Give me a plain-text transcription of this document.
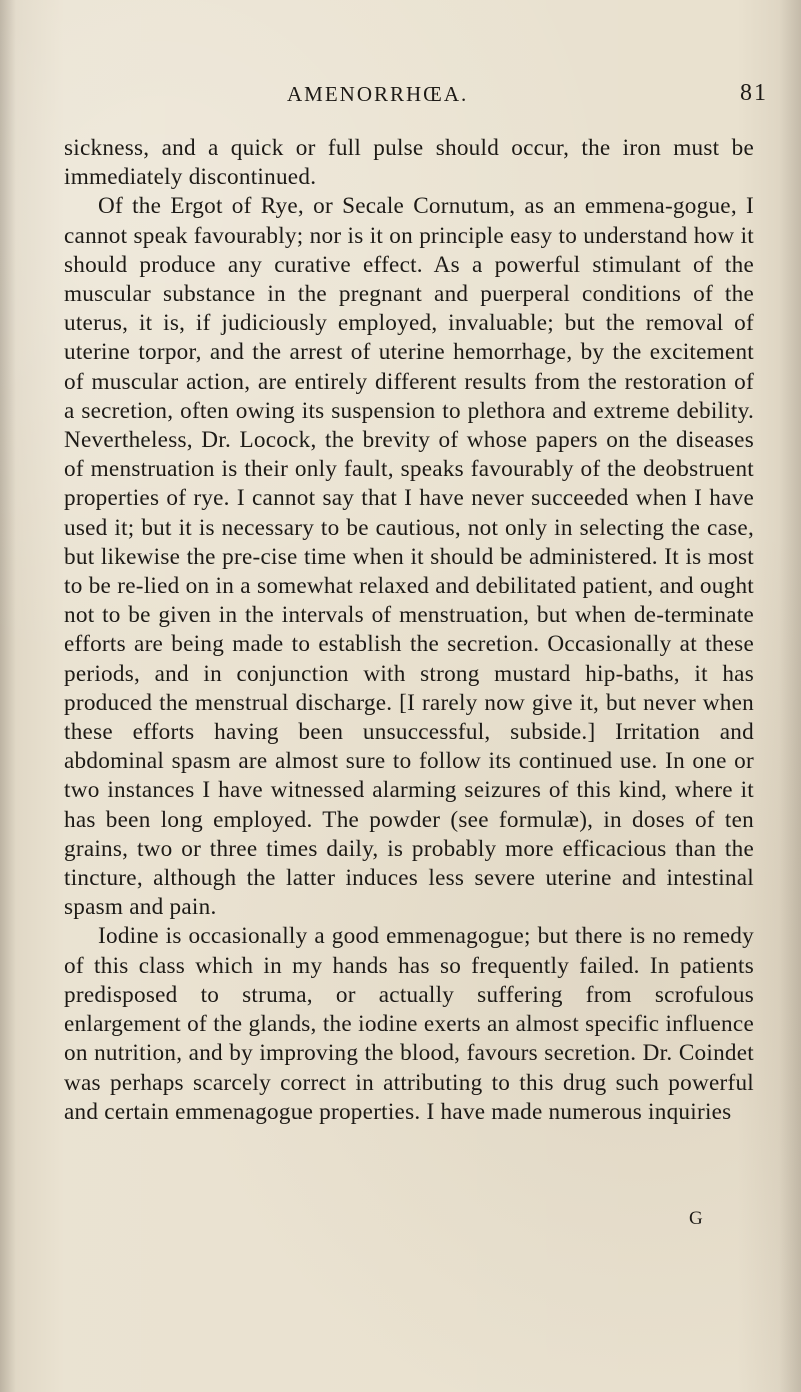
AMENORRHŒA.	81

sickness, and a quick or full pulse should occur, the iron must be immediately discontinued.

Of the Ergot of Rye, or Secale Cornutum, as an emmena-gogue, I cannot speak favourably; nor is it on principle easy to understand how it should produce any curative effect. As a powerful stimulant of the muscular substance in the pregnant and puerperal conditions of the uterus, it is, if judiciously employed, invaluable; but the removal of uterine torpor, and the arrest of uterine hemorrhage, by the excitement of muscular action, are entirely different results from the restoration of a secretion, often owing its suspension to plethora and extreme debility. Nevertheless, Dr. Locock, the brevity of whose papers on the diseases of menstruation is their only fault, speaks favourably of the deobstruent properties of rye. I cannot say that I have never succeeded when I have used it; but it is necessary to be cautious, not only in selecting the case, but likewise the pre-cise time when it should be administered. It is most to be re-lied on in a somewhat relaxed and debilitated patient, and ought not to be given in the intervals of menstruation, but when de-terminate efforts are being made to establish the secretion. Occasionally at these periods, and in conjunction with strong mustard hip-baths, it has produced the menstrual discharge. [I rarely now give it, but never when these efforts having been unsuccessful, subside.] Irritation and abdominal spasm are almost sure to follow its continued use. In one or two instances I have witnessed alarming seizures of this kind, where it has been long employed. The powder (see formulæ), in doses of ten grains, two or three times daily, is probably more efficacious than the tincture, although the latter induces less severe uterine and intestinal spasm and pain.

Iodine is occasionally a good emmenagogue; but there is no remedy of this class which in my hands has so frequently failed. In patients predisposed to struma, or actually suffering from scrofulous enlargement of the glands, the iodine exerts an almost specific influence on nutrition, and by improving the blood, favours secretion. Dr. Coindet was perhaps scarcely correct in attributing to this drug such powerful and certain emmenagogue properties. I have made numerous inquiries

G
